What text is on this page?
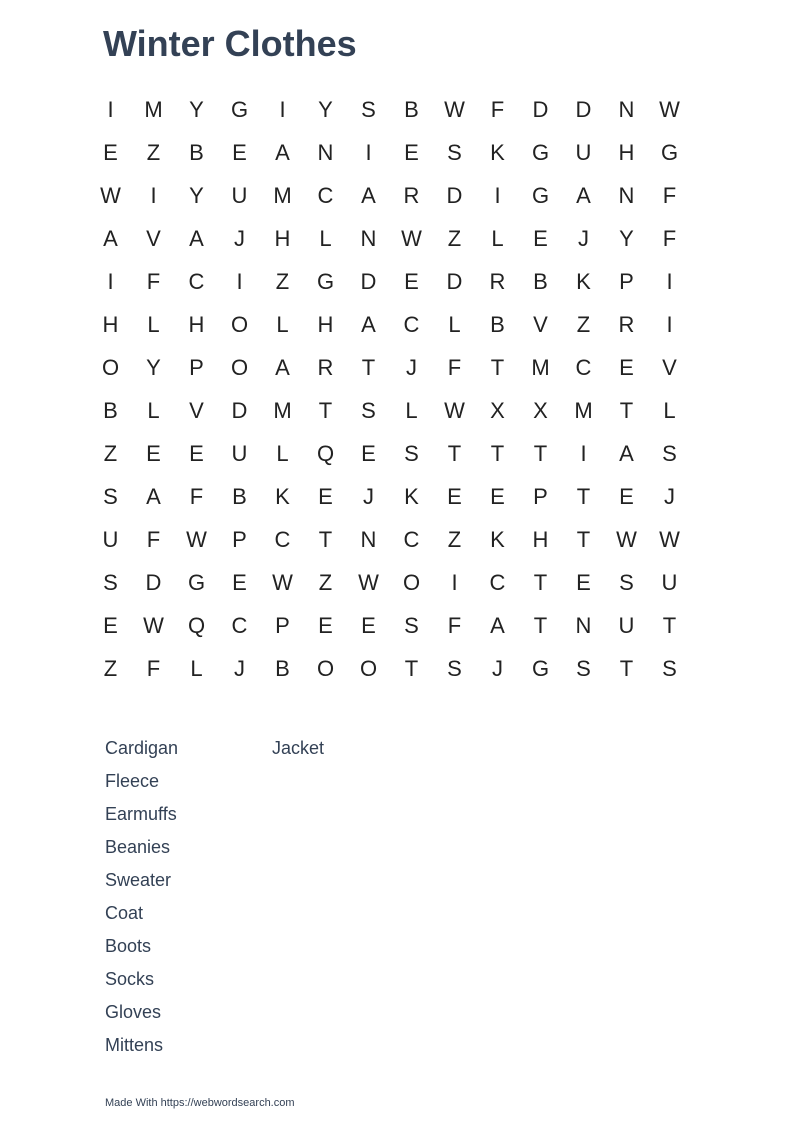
Winter Clothes
I	M	Y	G	I	Y	S	B	W	F	D	D	N	W
E	Z	B	E	A	N	I	E	S	K	G	U	H	G
W	I	Y	U	M	C	A	R	D	I	G	A	N	F
A	V	A	J	H	L	N	W	Z	L	E	J	Y	F
I	F	C	I	Z	G	D	E	D	R	B	K	P	I
H	L	H	O	L	H	A	C	L	B	V	Z	R	I
O	Y	P	O	A	R	T	J	F	T	M	C	E	V
B	L	V	D	M	T	S	L	W	X	X	M	T	L
Z	E	E	U	L	Q	E	S	T	T	T	I	A	S
S	A	F	B	K	E	J	K	E	E	P	T	E	J
U	F	W	P	C	T	N	C	Z	K	H	T	W	W
S	D	G	E	W	Z	W	O	I	C	T	E	S	U
E	W	Q	C	P	E	E	S	F	A	T	N	U	T
Z	F	L	J	B	O	O	T	S	J	G	S	T	S
Cardigan
Fleece
Earmuffs
Beanies
Sweater
Coat
Boots
Socks
Gloves
Mittens
Jacket
Made With https://webwordsearch.com
